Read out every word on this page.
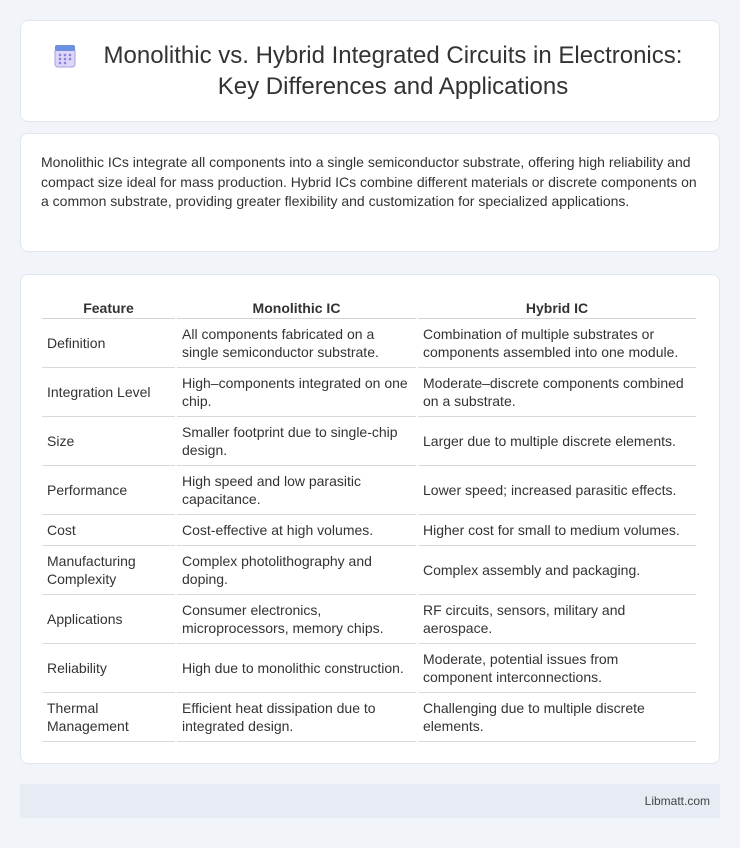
Monolithic vs. Hybrid Integrated Circuits in Electronics: Key Differences and Applications

Monolithic ICs integrate all components into a single semiconductor substrate, offering high reliability and compact size ideal for mass production. Hybrid ICs combine different materials or discrete components on a common substrate, providing greater flexibility and customization for specialized applications.

Feature	Monolithic IC	Hybrid IC
Definition	All components fabricated on a single semiconductor substrate.	Combination of multiple substrates or components assembled into one module.
Integration Level	High–components integrated on one chip.	Moderate–discrete components combined on a substrate.
Size	Smaller footprint due to single-chip design.	Larger due to multiple discrete elements.
Performance	High speed and low parasitic capacitance.	Lower speed; increased parasitic effects.
Cost	Cost-effective at high volumes.	Higher cost for small to medium volumes.
Manufacturing Complexity	Complex photolithography and doping.	Complex assembly and packaging.
Applications	Consumer electronics, microprocessors, memory chips.	RF circuits, sensors, military and aerospace.
Reliability	High due to monolithic construction.	Moderate, potential issues from component interconnections.
Thermal Management	Efficient heat dissipation due to integrated design.	Challenging due to multiple discrete elements.
Libmatt.com
